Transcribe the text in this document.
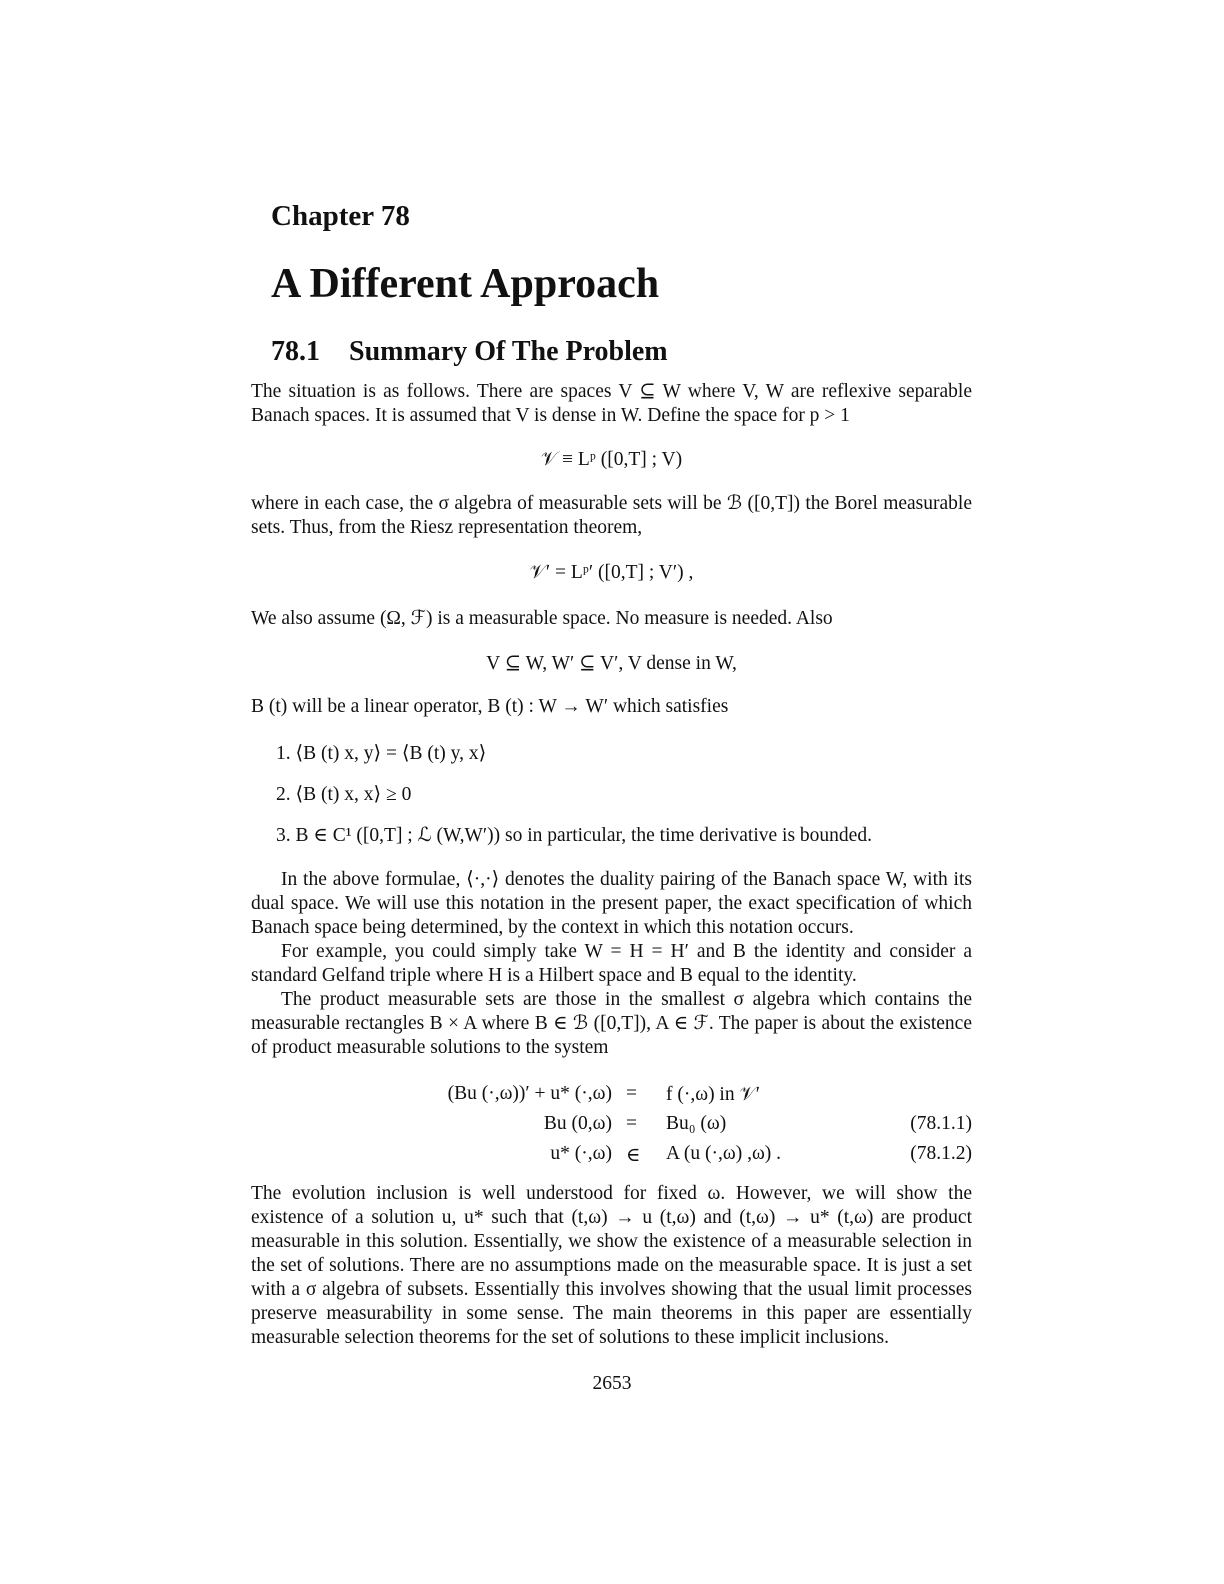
Chapter 78
A Different Approach
78.1 Summary Of The Problem

The situation is as follows. There are spaces V ⊆ W where V, W are reflexive separable Banach spaces. It is assumed that V is dense in W. Define the space for p > 1

𝒱 ≡ Lᵖ ([0,T] ; V)

where in each case, the σ algebra of measurable sets will be ℬ ([0,T]) the Borel measurable sets. Thus, from the Riesz representation theorem,

𝒱′ = Lᵖ′ ([0,T] ; V′) ,

We also assume (Ω, ℱ) is a measurable space. No measure is needed. Also

V ⊆ W, W′ ⊆ V′, V dense in W,

B (t) will be a linear operator, B (t) : W → W′ which satisfies

1. ⟨B (t) x, y⟩ = ⟨B (t) y, x⟩
2. ⟨B (t) x, x⟩ ≥ 0
3. B ∈ C¹ ([0,T] ; ℒ (W,W′)) so in particular, the time derivative is bounded.

In the above formulae, ⟨·,·⟩ denotes the duality pairing of the Banach space W, with its dual space. We will use this notation in the present paper, the exact specification of which Banach space being determined, by the context in which this notation occurs.

For example, you could simply take W = H = H′ and B the identity and consider a standard Gelfand triple where H is a Hilbert space and B equal to the identity.

The product measurable sets are those in the smallest σ algebra which contains the measurable rectangles B × A where B ∈ ℬ ([0,T]), A ∈ ℱ. The paper is about the existence of product measurable solutions to the system

(Bu (·,ω))′ + u* (·,ω) = f (·,ω) in 𝒱′
Bu (0,ω) = Bu₀ (ω)	(78.1.1)
u* (·,ω) ∈ A (u (·,ω) ,ω) .	(78.1.2)

The evolution inclusion is well understood for fixed ω. However, we will show the existence of a solution u, u* such that (t,ω) → u (t,ω) and (t,ω) → u* (t,ω) are product measurable in this solution. Essentially, we show the existence of a measurable selection in the set of solutions. There are no assumptions made on the measurable space. It is just a set with a σ algebra of subsets. Essentially this involves showing that the usual limit processes preserve measurability in some sense. The main theorems in this paper are essentially measurable selection theorems for the set of solutions to these implicit inclusions.

2653
